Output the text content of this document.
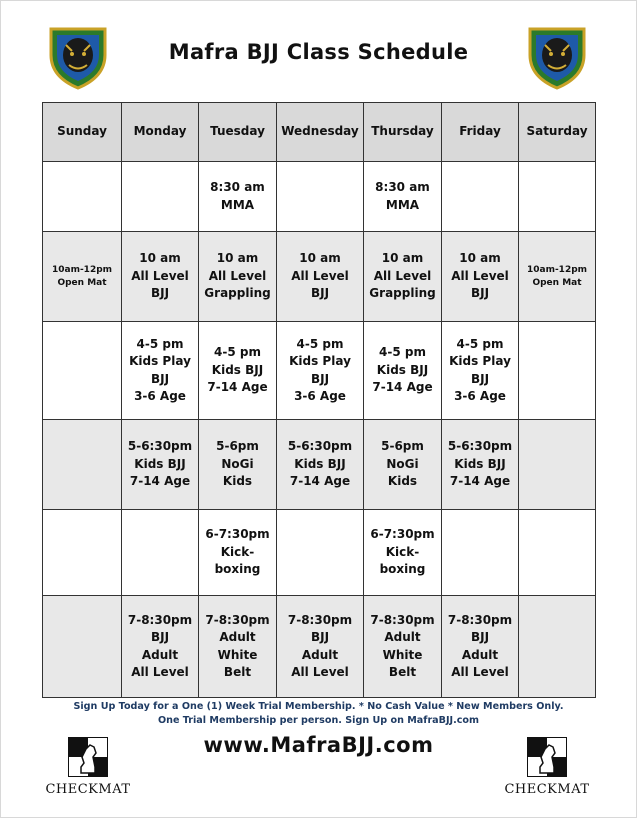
Mafra BJJ Class Schedule
Sunday	Monday	Tuesday	Wednesday	Thursday	Friday	Saturday

		8:30 am
MMA		8:30 am
MMA		

10am-12pm
Open Mat	10 am
All Level
BJJ	10 am
All Level
Grappling	10 am
All Level
BJJ	10 am
All Level
Grappling	10 am
All Level
BJJ	10am-12pm
Open Mat

	4-5 pm
Kids Play
BJJ
3-6 Age	4-5 pm
Kids BJJ
7-14 Age	4-5 pm
Kids Play
BJJ
3-6 Age	4-5 pm
Kids BJJ
7-14 Age	4-5 pm
Kids Play
BJJ
3-6 Age	

	5-6:30pm
Kids BJJ
7-14 Age	5-6pm
NoGi
Kids	5-6:30pm
Kids BJJ
7-14 Age	5-6pm
NoGi
Kids	5-6:30pm
Kids BJJ
7-14 Age	

		6-7:30pm
Kick-
boxing		6-7:30pm
Kick-
boxing		

	7-8:30pm
BJJ
Adult
All Level	7-8:30pm
Adult
White
Belt	7-8:30pm
BJJ
Adult
All Level	7-8:30pm
Adult
White
Belt	7-8:30pm
BJJ
Adult
All Level	

Sign Up Today for a One (1) Week Trial Membership. * No Cash Value * New Members Only.
One Trial Membership per person. Sign Up on MafraBJJ.com
www.MafraBJJ.com
CHECKMAT	CHECKMAT
